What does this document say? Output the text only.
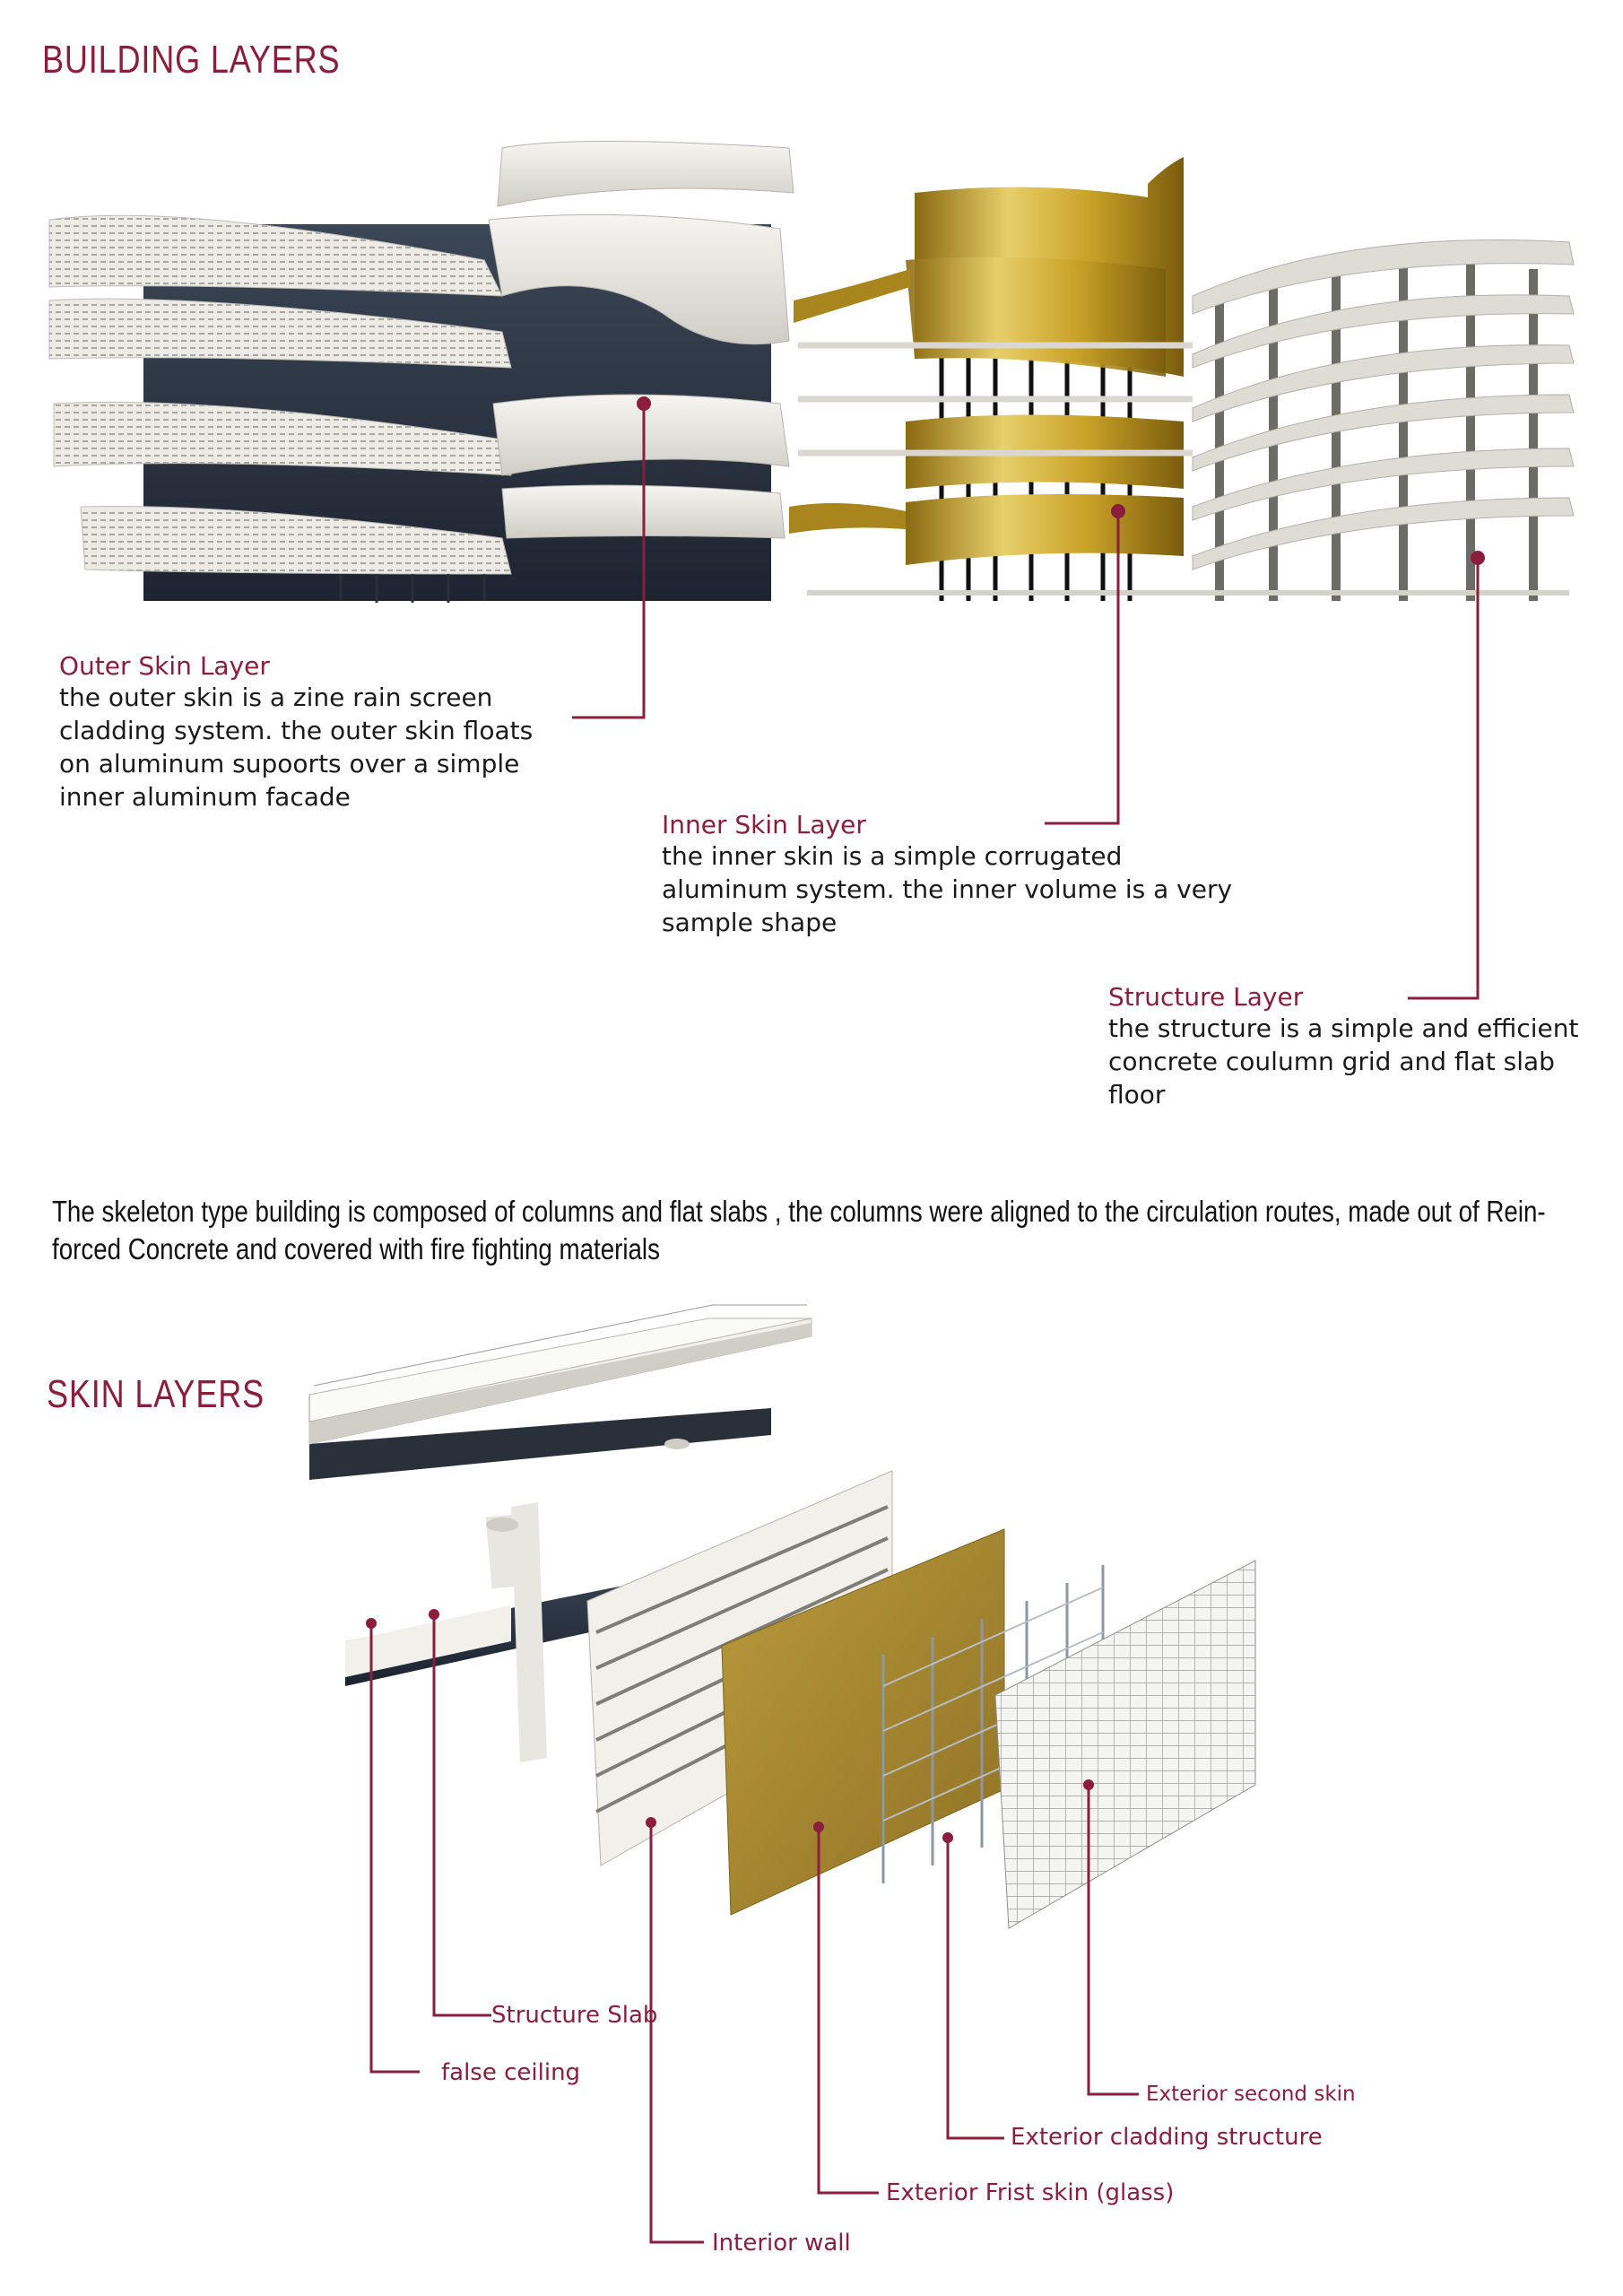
BUILDING LAYERS
Outer Skin Layer
the outer skin is a zine rain screen
cladding system. the outer skin floats
on aluminum supoorts over a simple
inner aluminum facade
Inner Skin Layer
the inner skin is a simple corrugated
aluminum system. the inner volume is a very
sample shape
Structure Layer
the structure is a simple and efficient
concrete coulumn grid and flat slab
floor
The skeleton type building is composed of columns and flat slabs , the columns were aligned to the circulation routes, made out of Rein-
forced Concrete and covered with fire fighting materials
SKIN LAYERS
Structure Slab
false ceiling
Exterior second skin
Exterior cladding structure
Exterior Frist skin (glass)
Interior wall
